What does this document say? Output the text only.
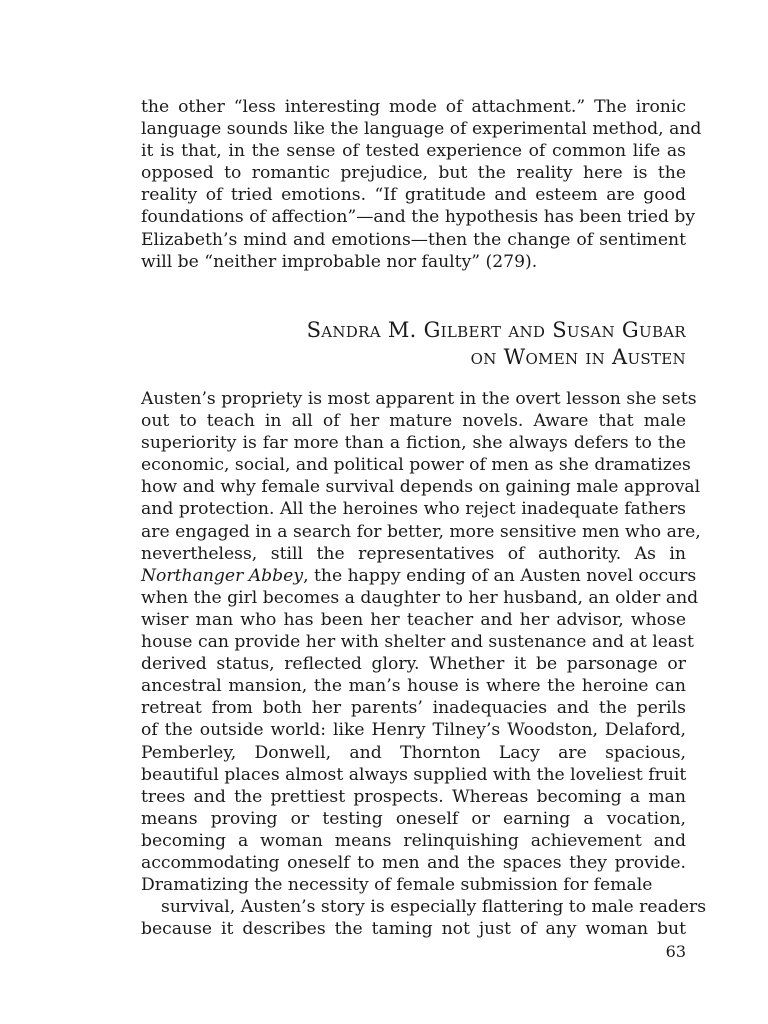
the other “less interesting mode of attachment.” The ironic
language sounds like the language of experimental method, and
it is that, in the sense of tested experience of common life as
opposed to romantic prejudice, but the reality here is the
reality of tried emotions. “If gratitude and esteem are good
foundations of affection”—and the hypothesis has been tried by
Elizabeth’s mind and emotions—then the change of sentiment
will be “neither improbable nor faulty” (279).
Sandra M. Gilbert and Susan Gubar
on Women in Austen
Austen’s propriety is most apparent in the overt lesson she sets
out to teach in all of her mature novels. Aware that male
superiority is far more than a fiction, she always defers to the
economic, social, and political power of men as she dramatizes
how and why female survival depends on gaining male approval
and protection. All the heroines who reject inadequate fathers
are engaged in a search for better, more sensitive men who are,
nevertheless, still the representatives of authority. As in
Northanger Abbey, the happy ending of an Austen novel occurs
when the girl becomes a daughter to her husband, an older and
wiser man who has been her teacher and her advisor, whose
house can provide her with shelter and sustenance and at least
derived status, reflected glory. Whether it be parsonage or
ancestral mansion, the man’s house is where the heroine can
retreat from both her parents’ inadequacies and the perils
of the outside world: like Henry Tilney’s Woodston, Delaford,
Pemberley, Donwell, and Thornton Lacy are spacious,
beautiful places almost always supplied with the loveliest fruit
trees and the prettiest prospects. Whereas becoming a man
means proving or testing oneself or earning a vocation,
becoming a woman means relinquishing achievement and
accommodating oneself to men and the spaces they provide.
Dramatizing the necessity of female submission for female
survival, Austen’s story is especially flattering to male readers
because it describes the taming not just of any woman but
63
